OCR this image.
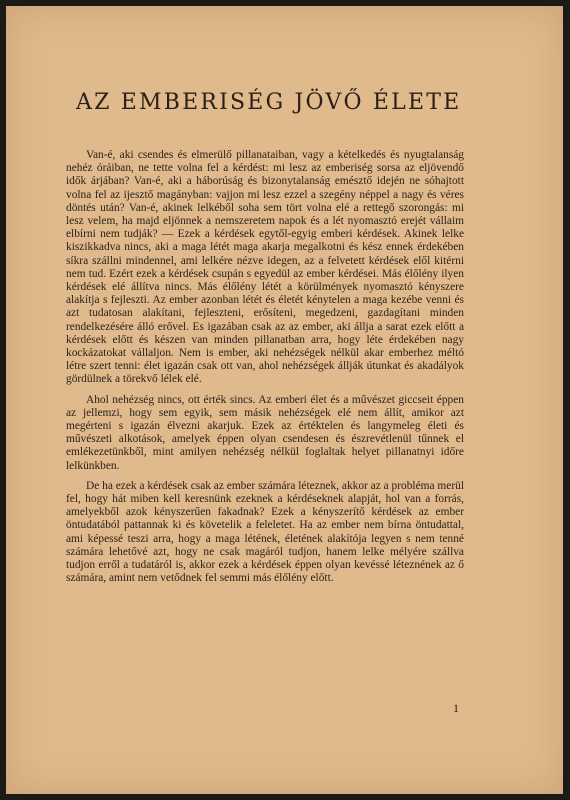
AZ EMBERISÉG JÖVŐ ÉLETE

Van-é, aki csendes és elmerülő pillanataiban, vagy a kételkedés és nyugtalanság nehéz óráiban, ne tette volna fel a kérdést: mi lesz az emberiség sorsa az eljövendő idők árjában? Van-é, aki a háborúság és bizonytalanság emésztő idején ne sóhajtott volna fel az ijesztő magányban: vajjon mi lesz ezzel a szegény néppel a nagy és véres döntés után? Van-é, akinek lelkéből soha sem tört volna elé a rettegő szorongás: mi lesz velem, ha majd eljönnek a nemszeretem napok és a lét nyomasztó erejét vállaim elbírni nem tudják? — Ezek a kérdések egytől-egyig emberi kérdések. Akinek lelke kiszikkadva nincs, aki a maga létét maga akarja megalkotni és kész ennek érdekében síkra szállni mindennel, ami lelkére nézve idegen, az a felvetett kérdések elől kitérni nem tud. Ezért ezek a kérdések csupán s egyedül az ember kérdései. Más élőlény ilyen kérdések elé állítva nincs. Más élőlény létét a körülmények nyomasztó kényszere alakítja s fejleszti. Az ember azonban létét és életét kénytelen a maga kezébe venni és azt tudatosan alakítani, fejleszteni, erősíteni, megedzeni, gazdagítani minden rendelkezésére álló erővel. Es igazában csak az az ember, aki állja a sarat ezek előtt a kérdések előtt és készen van minden pillanatban arra, hogy léte érdekében nagy kockázatokat vállaljon. Nem is ember, aki nehézségek nélkül akar emberhez méltó létre szert tenni: élet igazán csak ott van, ahol nehézségek állják útunkat és akadályok gördülnek a törekvő lélek elé.

Ahol nehézség nincs, ott érték sincs. Az emberi élet és a művészet giccseit éppen az jellemzi, hogy sem egyik, sem másik nehézségek elé nem állít, amikor azt megérteni s igazán élvezni akarjuk. Ezek az értéktelen és langymeleg életi és művészeti alkotások, amelyek éppen olyan csendesen és észrevétlenül tűnnek el emlékezetünkből, mint amilyen nehézség nélkül foglaltak helyet pillanatnyi időre lelkünkben.

De ha ezek a kérdések csak az ember számára léteznek, akkor az a probléma merül fel, hogy hát miben kell keresnünk ezeknek a kérdéseknek alapját, hol van a forrás, amelyekből azok kényszerűen fakadnak? Ezek a kényszerítő kérdések az ember öntudatából pattannak ki és követelik a feleletet. Ha az ember nem bírna öntudattal, ami képessé teszi arra, hogy a maga létének, életének alakítója legyen s nem tenné számára lehetővé azt, hogy ne csak magáról tudjon, hanem lelke mélyére szállva tudjon erről a tudatáról is, akkor ezek a kérdések éppen olyan kevéssé léteznének az ő számára, amint nem vetődnek fel semmi más élőlény előtt.

1
